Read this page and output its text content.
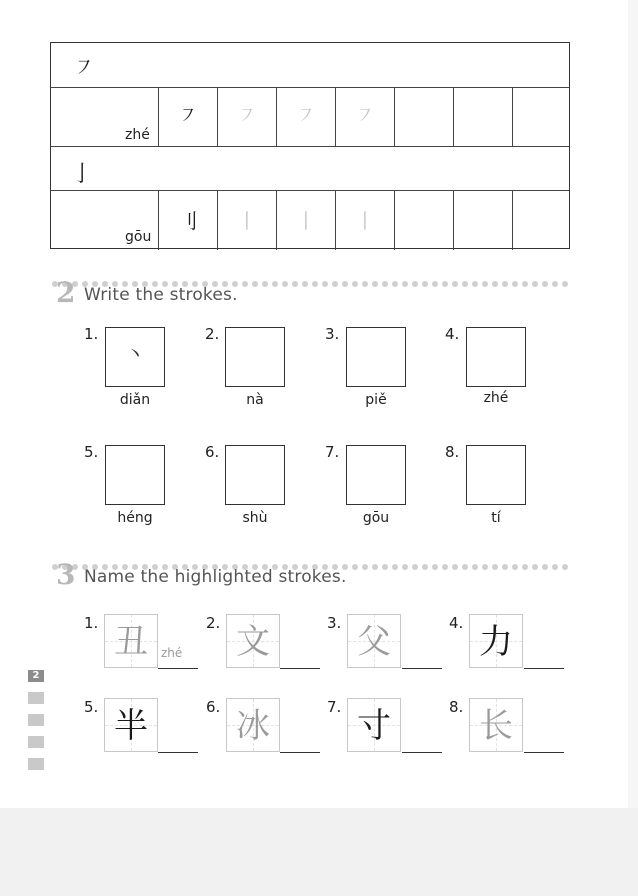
㇇
zhé
㇇	㇇	㇇	㇇
亅
gōu
刂	丨	丨	丨
2 Write the strokes.
1.
丶
diǎn
2.
nà
3.
piě
4.
zhé
5.
héng
6.
shù
7.
gōu
8.
tí
3 Name the highlighted strokes.
1. 丑	zhé
2. 文	3. 父	4. 力
5. 半	6. 冰	7. 寸	8. 长
2
